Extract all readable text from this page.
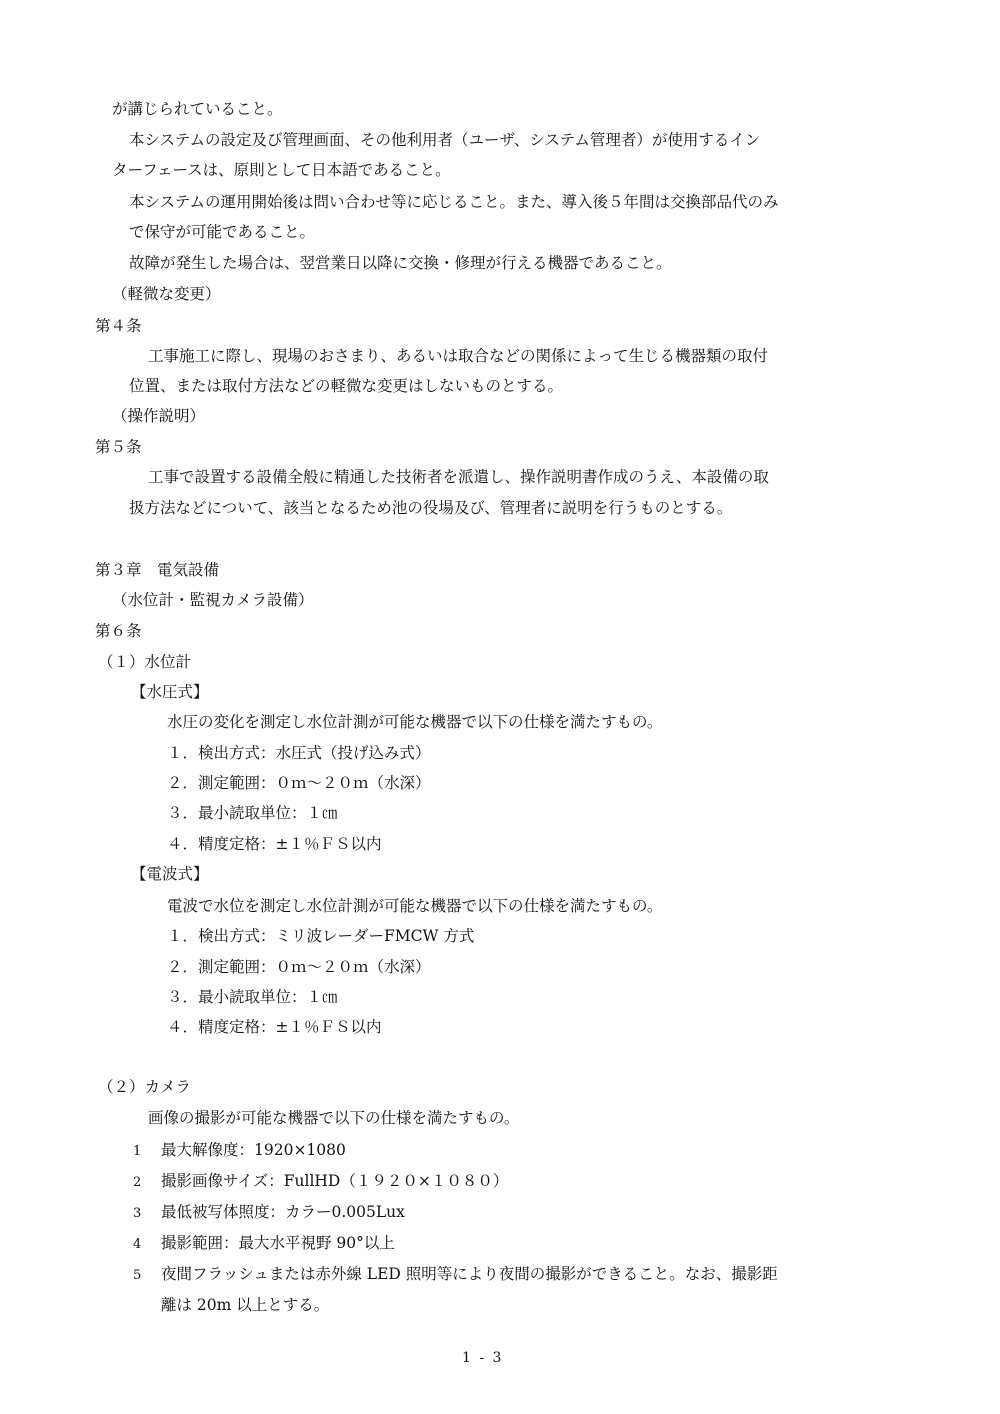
が講じられていること。
本システムの設定及び管理画面、その他利用者（ユーザ、システム管理者）が使用するイン
ターフェースは、原則として日本語であること。
本システムの運用開始後は問い合わせ等に応じること。また、導入後５年間は交換部品代のみ
で保守が可能であること。
故障が発生した場合は、翌営業日以降に交換・修理が行える機器であること。
（軽微な変更）
第４条
工事施工に際し、現場のおさまり、あるいは取合などの関係によって生じる機器類の取付
位置、または取付方法などの軽微な変更はしないものとする。
（操作説明）
第５条
工事で設置する設備全般に精通した技術者を派遣し、操作説明書作成のうえ、本設備の取
扱方法などについて、該当となるため池の役場及び、管理者に説明を行うものとする。
第３章　電気設備
（水位計・監視カメラ設備）
第６条
（１）水位計
【水圧式】
水圧の変化を測定し水位計測が可能な機器で以下の仕様を満たすもの。
１．検出方式：水圧式（投げ込み式）
２．測定範囲：０ｍ～２０ｍ（水深）
３．最小読取単位：１㎝
４．精度定格：±１％ＦＳ以内
【電波式】
電波で水位を測定し水位計測が可能な機器で以下の仕様を満たすもの。
１．検出方式：ミリ波レーダーFMCW 方式
２．測定範囲：０ｍ～２０ｍ（水深）
３．最小読取単位：１㎝
４．精度定格：±１％ＦＳ以内
（２）カメラ
画像の撮影が可能な機器で以下の仕様を満たすもの。
1 最大解像度：1920×1080
2 撮影画像サイズ：FullHD（１９２０×１０８０）
3 最低被写体照度：カラー0.005Lux
4 撮影範囲：最大水平視野 90°以上
5 夜間フラッシュまたは赤外線 LED 照明等により夜間の撮影ができること。なお、撮影距
離は 20m 以上とする。
1 - 3
